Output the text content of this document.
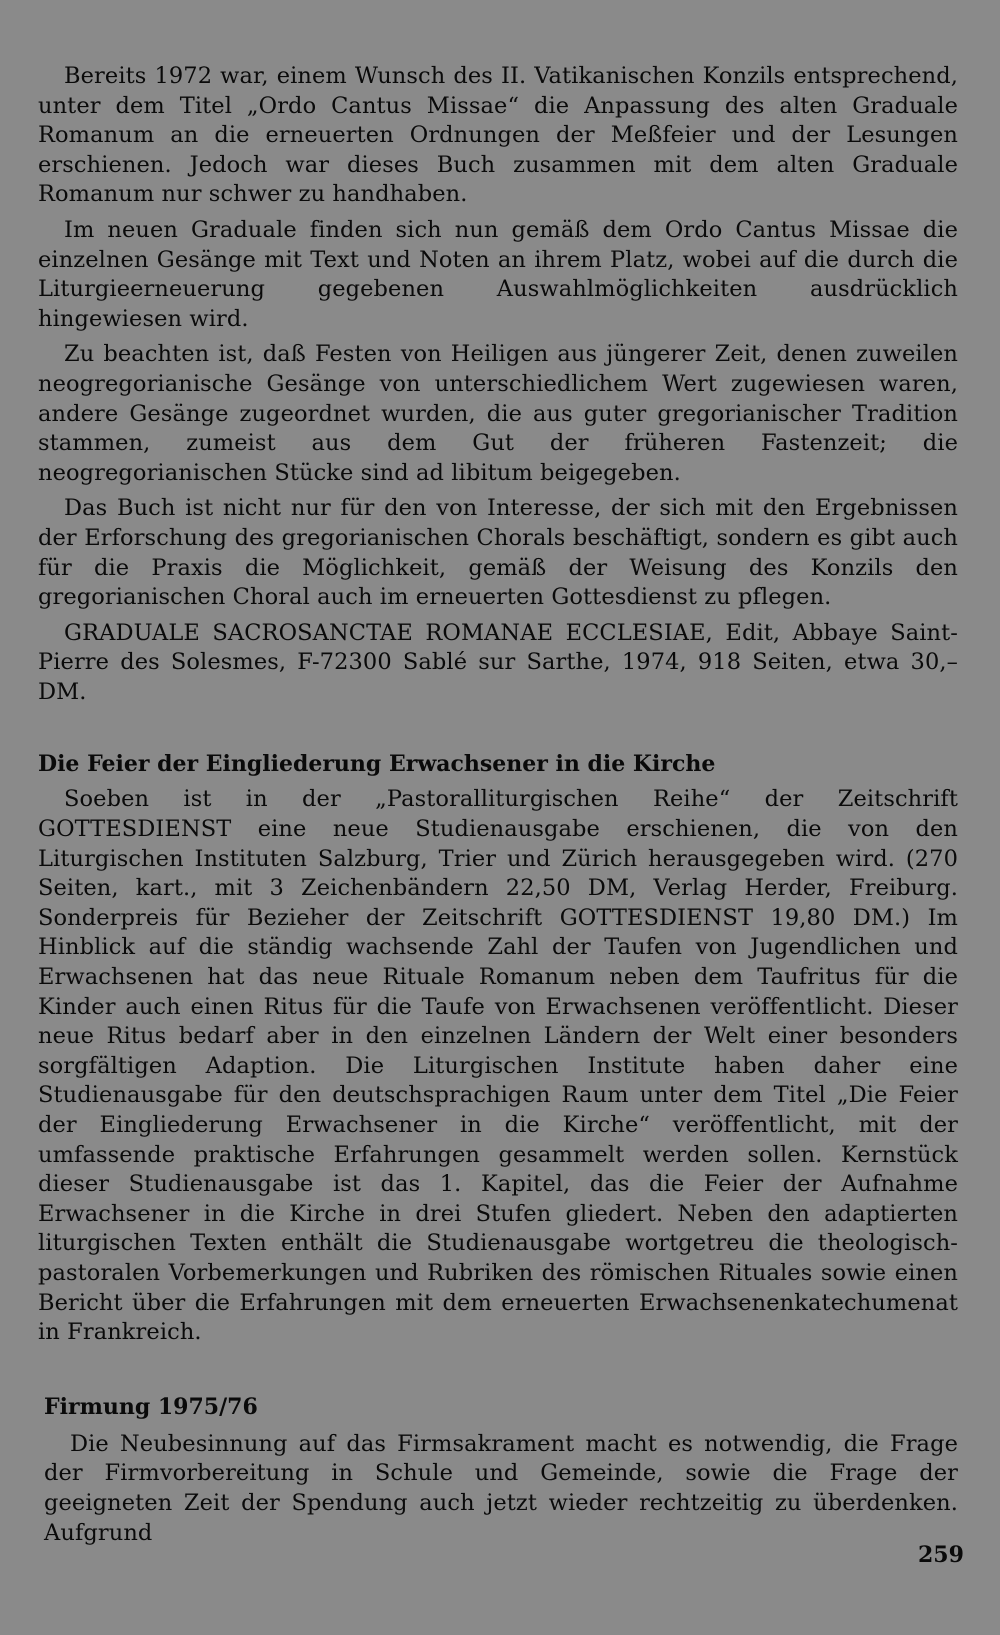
Bereits 1972 war, einem Wunsch des II. Vatikanischen Konzils entsprechend, unter dem Titel „Ordo Cantus Missae“ die Anpassung des alten Graduale Romanum an die erneuerten Ordnungen der Meßfeier und der Lesungen erschienen. Jedoch war dieses Buch zusammen mit dem alten Graduale Romanum nur schwer zu handhaben.

Im neuen Graduale finden sich nun gemäß dem Ordo Cantus Missae die einzelnen Gesänge mit Text und Noten an ihrem Platz, wobei auf die durch die Liturgieerneuerung gegebenen Auswahlmöglichkeiten ausdrücklich hingewiesen wird.

Zu beachten ist, daß Festen von Heiligen aus jüngerer Zeit, denen zuweilen neogregorianische Gesänge von unterschiedlichem Wert zugewiesen waren, andere Gesänge zugeordnet wurden, die aus guter gregorianischer Tradition stammen, zumeist aus dem Gut der früheren Fastenzeit; die neogregorianischen Stücke sind ad libitum beigegeben.

Das Buch ist nicht nur für den von Interesse, der sich mit den Ergebnissen der Erforschung des gregorianischen Chorals beschäftigt, sondern es gibt auch für die Praxis die Möglichkeit, gemäß der Weisung des Konzils den gregorianischen Choral auch im erneuerten Gottesdienst zu pflegen.

GRADUALE SACROSANCTAE ROMANAE ECCLESIAE, Edit, Abbaye Saint-Pierre des Solesmes, F-72300 Sablé sur Sarthe, 1974, 918 Seiten, etwa 30,– DM.

Die Feier der Eingliederung Erwachsener in die Kirche

Soeben ist in der „Pastoralliturgischen Reihe“ der Zeitschrift GOTTESDIENST eine neue Studienausgabe erschienen, die von den Liturgischen Instituten Salzburg, Trier und Zürich herausgegeben wird. (270 Seiten, kart., mit 3 Zeichenbändern 22,50 DM, Verlag Herder, Freiburg. Sonderpreis für Bezieher der Zeitschrift GOTTESDIENST 19,80 DM.) Im Hinblick auf die ständig wachsende Zahl der Taufen von Jugendlichen und Erwachsenen hat das neue Rituale Romanum neben dem Taufritus für die Kinder auch einen Ritus für die Taufe von Erwachsenen veröffentlicht. Dieser neue Ritus bedarf aber in den einzelnen Ländern der Welt einer besonders sorgfältigen Adaption. Die Liturgischen Institute haben daher eine Studienausgabe für den deutschsprachigen Raum unter dem Titel „Die Feier der Eingliederung Erwachsener in die Kirche“ veröffentlicht, mit der umfassende praktische Erfahrungen gesammelt werden sollen. Kernstück dieser Studienausgabe ist das 1. Kapitel, das die Feier der Aufnahme Erwachsener in die Kirche in drei Stufen gliedert. Neben den adaptierten liturgischen Texten enthält die Studienausgabe wortgetreu die theologisch-pastoralen Vorbemerkungen und Rubriken des römischen Rituales sowie einen Bericht über die Erfahrungen mit dem erneuerten Erwachsenenkatechumenat in Frankreich.

Firmung 1975/76

Die Neubesinnung auf das Firmsakrament macht es notwendig, die Frage der Firmvorbereitung in Schule und Gemeinde, sowie die Frage der geeigneten Zeit der Spendung auch jetzt wieder rechtzeitig zu überdenken. Aufgrund

259
